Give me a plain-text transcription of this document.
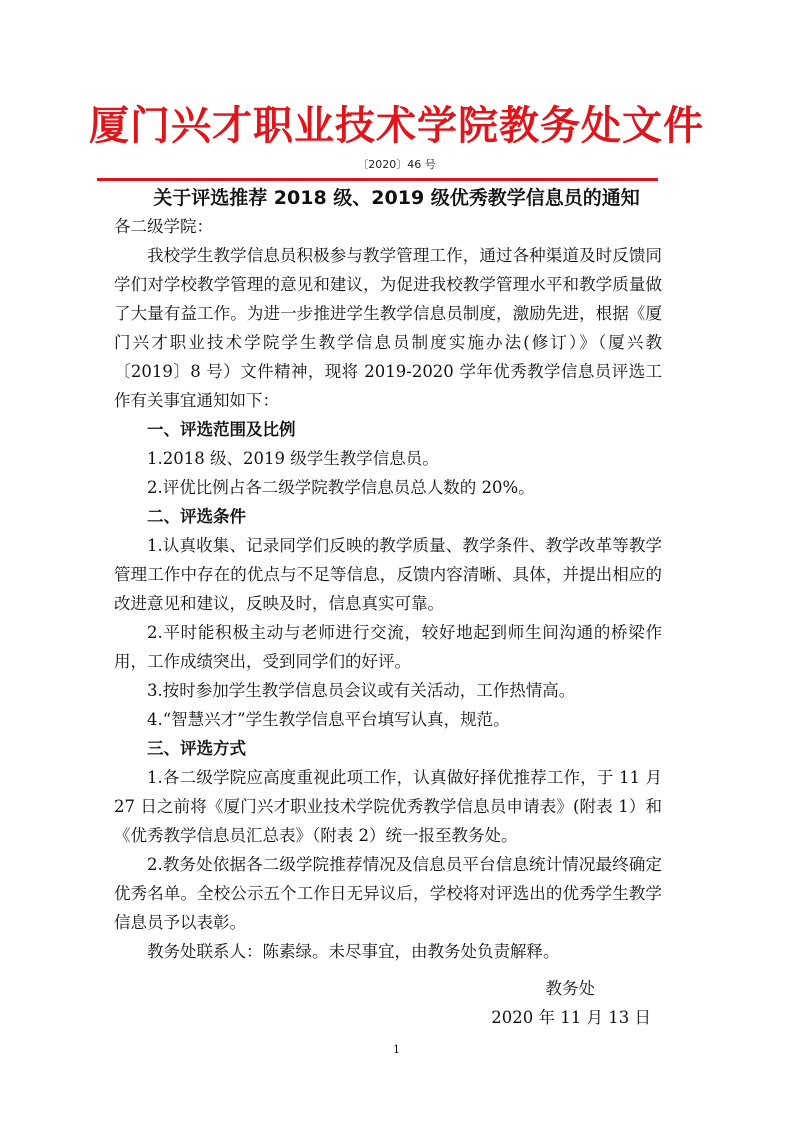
厦门兴才职业技术学院教务处文件
〔2020〕46 号
关于评选推荐 2018 级、2019 级优秀教学信息员的通知

各二级学院：

我校学生教学信息员积极参与教学管理工作，通过各种渠道及时反馈同学们对学校教学管理的意见和建议，为促进我校教学管理水平和教学质量做了大量有益工作。为进一步推进学生教学信息员制度，激励先进，根据《厦门兴才职业技术学院学生教学信息员制度实施办法(修订）》（厦兴教〔2019〕8 号）文件精神，现将 2019-2020 学年优秀教学信息员评选工作有关事宜通知如下：

一、评选范围及比例

1.2018 级、2019 级学生教学信息员。

2.评优比例占各二级学院教学信息员总人数的 20%。

二、评选条件

1.认真收集、记录同学们反映的教学质量、教学条件、教学改革等教学管理工作中存在的优点与不足等信息，反馈内容清晰、具体，并提出相应的改进意见和建议，反映及时，信息真实可靠。

2.平时能积极主动与老师进行交流，较好地起到师生间沟通的桥梁作用，工作成绩突出，受到同学们的好评。

3.按时参加学生教学信息员会议或有关活动，工作热情高。

4.“智慧兴才”学生教学信息平台填写认真，规范。

三、评选方式

1.各二级学院应高度重视此项工作，认真做好择优推荐工作，于 11 月 27 日之前将《厦门兴才职业技术学院优秀教学信息员申请表》(附表 1）和《优秀教学信息员汇总表》（附表 2）统一报至教务处。

2.教务处依据各二级学院推荐情况及信息员平台信息统计情况最终确定优秀名单。全校公示五个工作日无异议后，学校将对评选出的优秀学生教学信息员予以表彰。

教务处联系人：陈素绿。未尽事宜，由教务处负责解释。

教务处
2020 年 11 月 13 日
1
